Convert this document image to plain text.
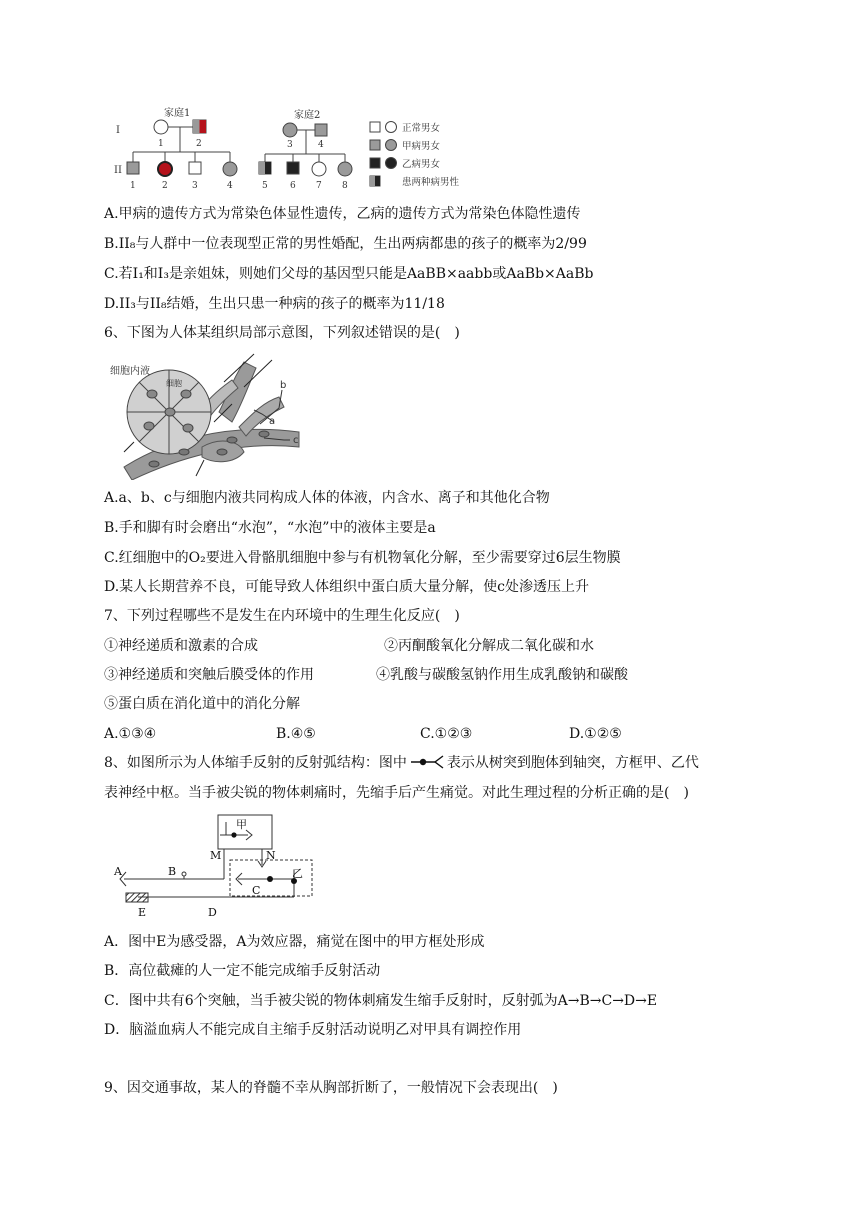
家庭1	家庭2
I
II
1	2	3	4
1	2	3	4	5 6 7 8
正常男女
甲病男女
乙病男女
患两种病男性
A.甲病的遗传方式为常染色体显性遗传，乙病的遗传方式为常染色体隐性遗传
B.II₈与人群中一位表现型正常的男性婚配，生出两病都患的孩子的概率为2/99
C.若I₁和I₃是亲姐妹，则她们父母的基因型只能是AaBB×aabb或AaBb×AaBb
D.II₃与II₈结婚，生出只患一种病的孩子的概率为11/18
6、下图为人体某组织局部示意图，下列叙述错误的是(　)
细胞内液
细胞	b
a
c
A.a、b、c与细胞内液共同构成人体的体液，内含水、离子和其他化合物
B.手和脚有时会磨出“水泡”，“水泡”中的液体主要是a
C.红细胞中的O₂要进入骨骼肌细胞中参与有机物氧化分解，至少需要穿过6层生物膜
D.某人长期营养不良，可能导致人体组织中蛋白质大量分解，使c处渗透压上升
7、下列过程哪些不是发生在内环境中的生理生化反应(　)
①神经递质和激素的合成	②丙酮酸氧化分解成二氧化碳和水
③神经递质和突触后膜受体的作用	④乳酸与碳酸氢钠作用生成乳酸钠和碳酸
⑤蛋白质在消化道中的消化分解
A.①③④	B.④⑤	C.①②③	D.①②⑤
8、如图所示为人体缩手反射的反射弧结构：图中	表示从树突到胞体到轴突，方框甲、乙代
表神经中枢。当手被尖锐的物体刺痛时，先缩手后产生痛觉。对此生理过程的分析正确的是(　)
甲
乙
M	N
A	B
C
D
E
A．图中E为感受器，A为效应器，痛觉在图中的甲方框处形成
B．高位截瘫的人一定不能完成缩手反射活动
C．图中共有6个突触，当手被尖锐的物体刺痛发生缩手反射时，反射弧为A→B→C→D→E
D．脑溢血病人不能完成自主缩手反射活动说明乙对甲具有调控作用
9、因交通事故，某人的脊髓不幸从胸部折断了，一般情况下会表现出(　)
